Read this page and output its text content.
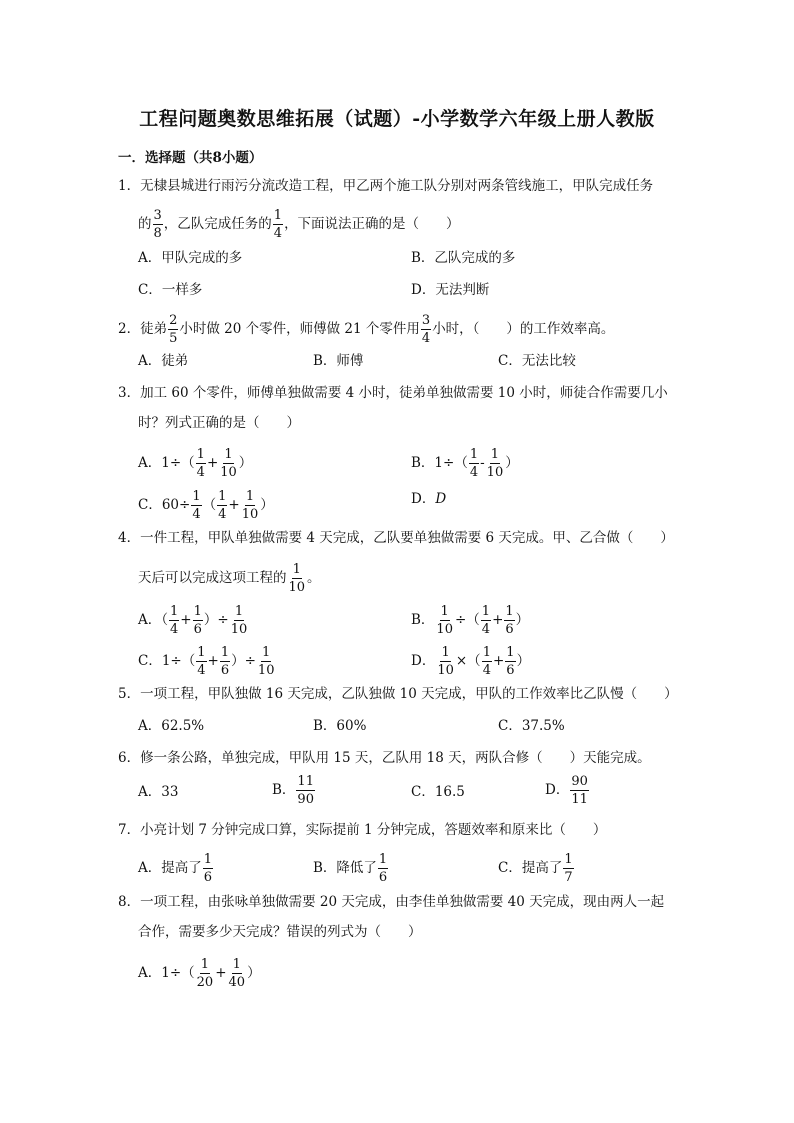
工程问题奥数思维拓展（试题）-小学数学六年级上册人教版
一．选择题（共8小题）
1．无棣县城进行雨污分流改造工程，甲乙两个施工队分别对两条管线施工，甲队完成任务
的 $\frac{3}{8}$ ，乙队完成任务的 $\frac{1}{4}$ ，下面说法正确的是（　　）
A．甲队完成的多	B．乙队完成的多
C．一样多	D．无法判断
2．徒弟 $\frac{2}{5}$ 小时做 20 个零件，师傅做 21 个零件用 $\frac{3}{4}$ 小时，（　　）的工作效率高。
A．徒弟	B．师傅	C．无法比较
3．加工 60 个零件，师傅单独做需要 4 小时，徒弟单独做需要 10 小时，师徒合作需要几小
时？列式正确的是（　　）
A．$1\div( \frac{1}{4} + \frac{1}{10}$ ）	B．$1\div( \frac{1}{4} - \frac{1}{10}$ ）
C．$60\div \frac{1}{4}$ （ $\frac{1}{4} + \frac{1}{10}$ ）	D．D
4．一件工程，甲队单独做需要 4 天完成，乙队要单独做需要 6 天完成。甲、乙合做（　　）
天后可以完成这项工程的 $\frac{1}{10}$ 。
A．（ $\frac{1}{4} + \frac{1}{6}$ ）÷ $\frac{1}{10}$	B． $\frac{1}{10}$ ÷（ $\frac{1}{4} + \frac{1}{6}$ ）
C．$1\div( \frac{1}{4} + \frac{1}{6}$ ）÷ $\frac{1}{10}$	D． $\frac{1}{10}$ ×（ $\frac{1}{4} + \frac{1}{6}$ ）
5．一项工程，甲队独做 16 天完成，乙队独做 10 天完成，甲队的工作效率比乙队慢（　　）
A．62.5%	B．60%	C．37.5%
6．修一条公路，单独完成，甲队用 15 天，乙队用 18 天，两队合修（　　）天能完成。
A．33	B． $\frac{11}{90}$	C．16.5	D． $\frac{90}{11}$
7．小亮计划 7 分钟完成口算，实际提前 1 分钟完成，答题效率和原来比（　　）
A．提高了 $\frac{1}{6}$	B．降低了 $\frac{1}{6}$	C．提高了 $\frac{1}{7}$
8．一项工程，由张咏单独做需要 20 天完成，由李佳单独做需要 40 天完成，现由两人一起
合作，需要多少天完成？错误的列式为（　　）
A．$1\div( \frac{1}{20} + \frac{1}{40}$ ）
